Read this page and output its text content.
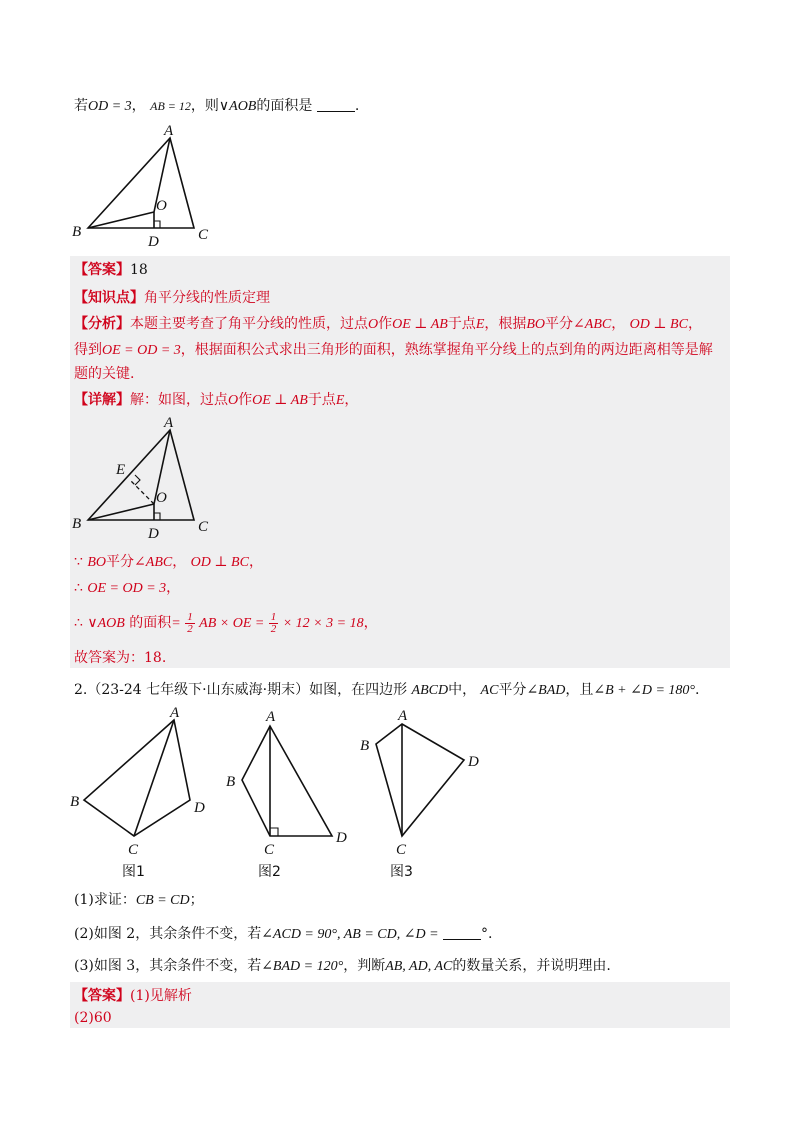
若OD = 3， AB = 12，则∨AOB的面积是	.
A
B	C
D
O
【答案】18
【知识点】角平分线的性质定理
【分析】本题主要考查了角平分线的性质，过点O作OE ⊥ AB于点E，根据BO平分∠ABC， OD ⊥ BC，
得到OE = OD = 3，根据面积公式求出三角形的面积，熟练掌握角平分线上的点到角的两边距离相等是解
题的关键.
【详解】解：如图，过点O作OE ⊥ AB于点E，
A
B	C
D
O
E
∵ BO平分∠ABC， OD ⊥ BC，
∴ OE = OD = 3，
∴ ∨AOB 的面积= $\frac{1}{2}$ AB × OE = $\frac{1}{2} \times 12 \times 3 = 18$，
故答案为：18.
2.（23-24 七年级下·山东威海·期末）如图，在四边形 ABCD中， AC平分∠BAD，且∠B + ∠D = 180°.
A
B
C
D
图1
A
B
C
D
图2
A
B
C
D
图3
(1)求证：CB = CD；
(2)如图 2，其余条件不变，若∠ACD = 90°, AB = CD, ∠D =	°.
(3)如图 3，其余条件不变，若∠BAD = 120°，判断AB, AD, AC的数量关系，并说明理由.
【答案】(1)见解析
(2)60
